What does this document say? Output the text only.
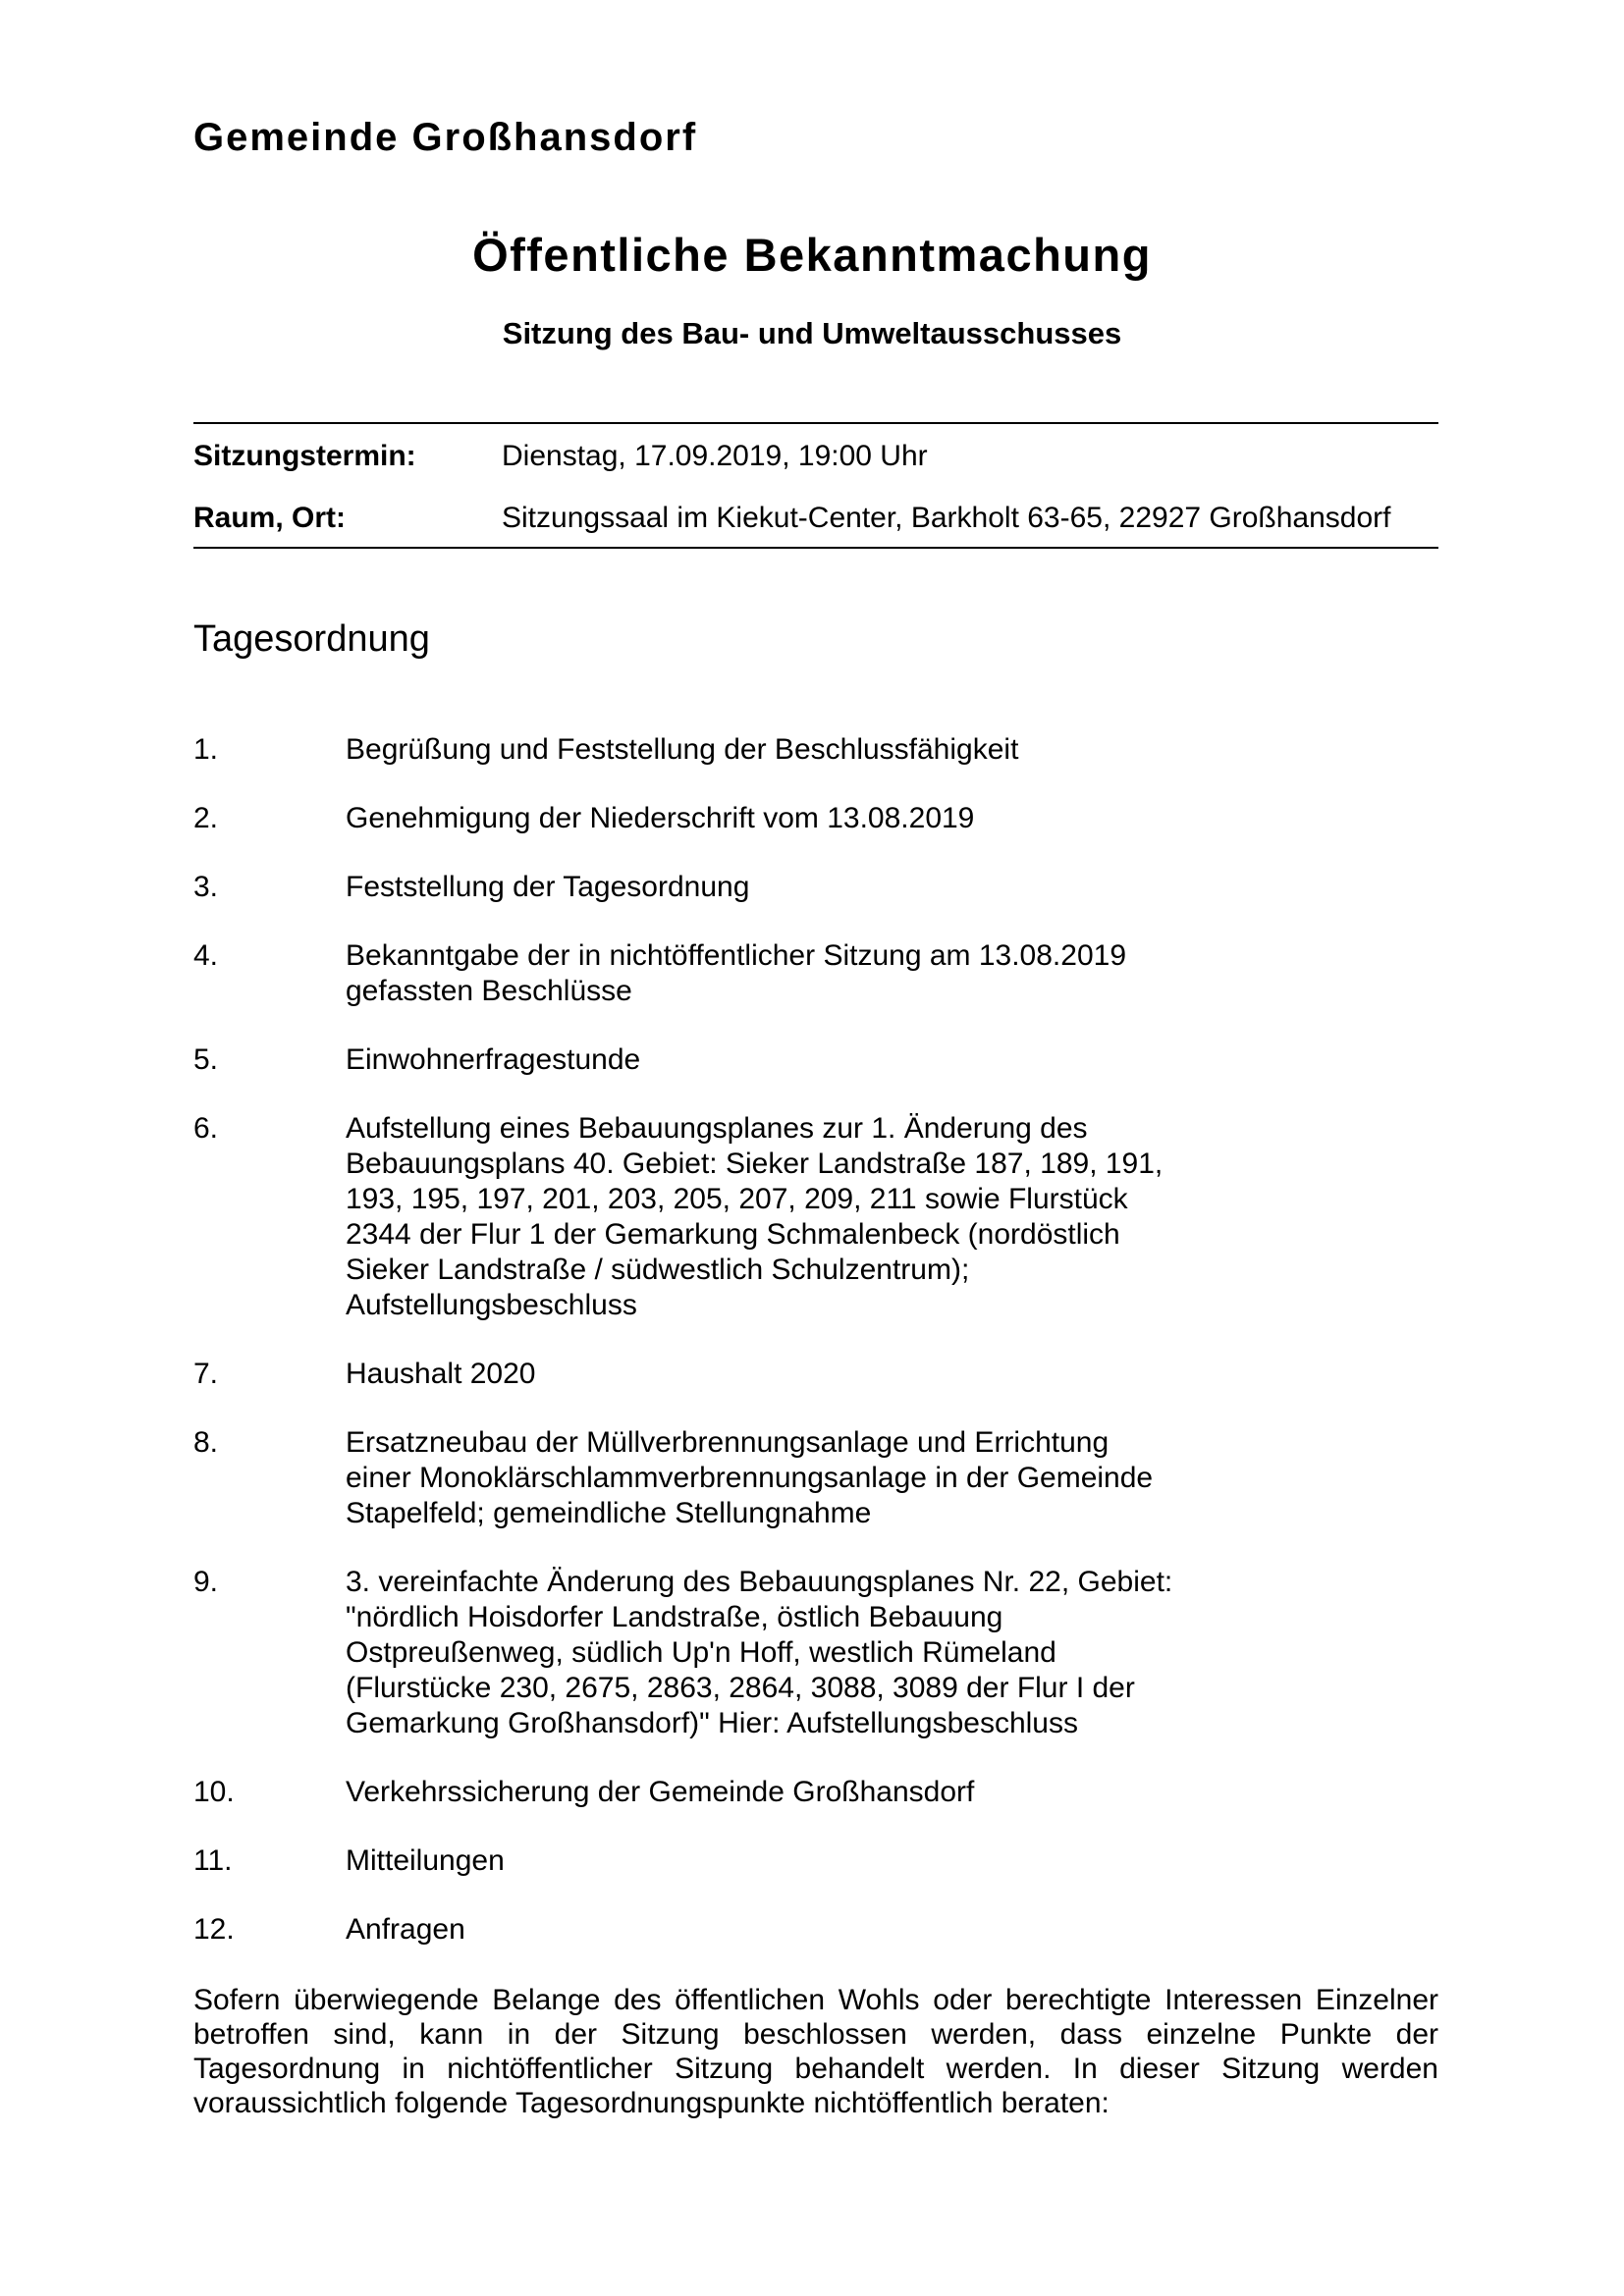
Gemeinde Großhansdorf
Öffentliche Bekanntmachung
Sitzung des Bau- und Umweltausschusses
Sitzungstermin:	Dienstag, 17.09.2019, 19:00 Uhr
Raum, Ort:	Sitzungssaal im Kiekut-Center, Barkholt 63-65, 22927 Großhansdorf
Tagesordnung
1.	Begrüßung und Feststellung der Beschlussfähigkeit
2.	Genehmigung der Niederschrift vom 13.08.2019
3.	Feststellung der Tagesordnung
4.	Bekanntgabe der in nichtöffentlicher Sitzung am 13.08.2019
gefassten Beschlüsse
5.	Einwohnerfragestunde
6.	Aufstellung eines Bebauungsplanes zur 1. Änderung des
Bebauungsplans 40. Gebiet: Sieker Landstraße 187, 189, 191,
193, 195, 197, 201, 203, 205, 207, 209, 211 sowie Flurstück
2344 der Flur 1 der Gemarkung Schmalenbeck (nordöstlich
Sieker Landstraße / südwestlich Schulzentrum);
Aufstellungsbeschluss
7.	Haushalt 2020
8.	Ersatzneubau der Müllverbrennungsanlage und Errichtung
einer Monoklärschlammverbrennungsanlage in der Gemeinde
Stapelfeld; gemeindliche Stellungnahme
9.	3. vereinfachte Änderung des Bebauungsplanes Nr. 22, Gebiet:
"nördlich Hoisdorfer Landstraße, östlich Bebauung
Ostpreußenweg, südlich Up'n Hoff, westlich Rümeland
(Flurstücke 230, 2675, 2863, 2864, 3088, 3089 der Flur I der
Gemarkung Großhansdorf)" Hier: Aufstellungsbeschluss
10.	Verkehrssicherung der Gemeinde Großhansdorf
11.	Mitteilungen
12.	Anfragen

Sofern überwiegende Belange des öffentlichen Wohls oder berechtigte Interessen Einzelner betroffen sind, kann in der Sitzung beschlossen werden, dass einzelne Punkte der Tagesordnung in nichtöffentlicher Sitzung behandelt werden. In dieser Sitzung werden voraussichtlich folgende Tagesordnungspunkte nichtöffentlich beraten:
